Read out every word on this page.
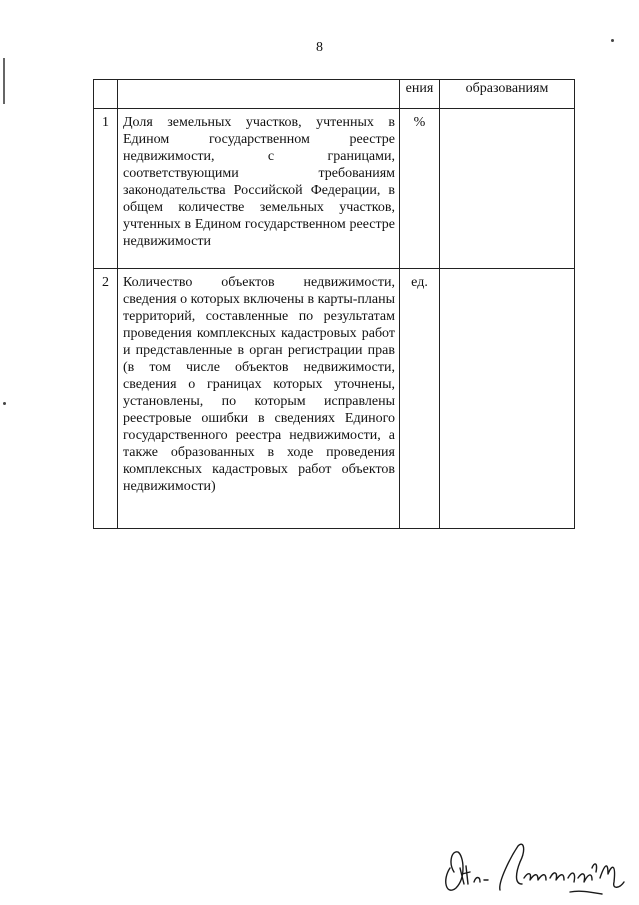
8
		ения	образованиям
1	Доля земельных участков, учтенных в Едином государственном реестре недвижимости, с границами, соответствующими требованиям законодательства Российской Федерации, в общем количестве земельных участков, учтенных в Едином государственном реестре недвижимости	%	
2	Количество объектов недвижимости, сведения о которых включены в карты-планы территорий, составленные по результатам проведения комплексных кадастровых работ и представленные в орган регистрации прав (в том числе объектов недвижимости, сведения о границах которых уточнены, установлены, по которым исправлены реестровые ошибки в сведениях Единого государственного реестра недвижимости, а также образованных в ходе проведения комплексных кадастровых работ объектов недвижимости)	ед.	
